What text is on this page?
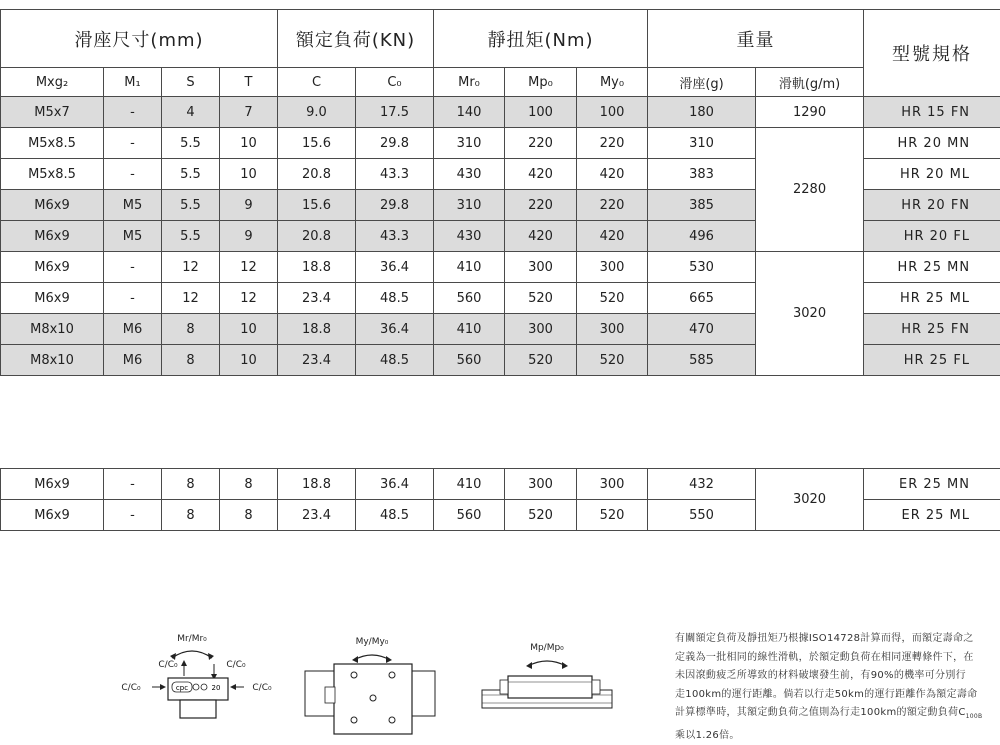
滑座尺寸(mm)				額定負荷(KN)		靜扭矩(Nm)			重量		型號規格
Mxg₂	M₁	S	T	C	C₀	Mr₀	Mp₀	My₀	滑座(g)	滑軌(g/m)	
M5x7	-	4	7	9.0	17.5	140	100	100	180	1290	HR 15 FN
M5x8.5	-	5.5	10	15.6	29.8	310	220	220	310	2280	HR 20 MN
M5x8.5	-	5.5	10	20.8	43.3	430	420	420	383		HR 20 ML
M6x9	M5	5.5	9	15.6	29.8	310	220	220	385		HR 20 FN
M6x9	M5	5.5	9	20.8	43.3	430	420	420	496		HR 20 FL
M6x9	-	12	12	18.8	36.4	410	300	300	530	3020	HR 25 MN
M6x9	-	12	12	23.4	48.5	560	520	520	665		HR 25 ML
M8x10	M6	8	10	18.8	36.4	410	300	300	470		HR 25 FN
M8x10	M6	8	10	23.4	48.5	560	520	520	585		HR 25 FL
M6x9	-	8	8	18.8	36.4	410	300	300	432	3020	ER 25 MN
M6x9	-	8	8	23.4	48.5	560	520	520	550		ER 25 ML
Mr/Mr₀
C/C₀	C/C₀
C/C₀	C/C₀
cpc	20
My/My₀
Mp/Mp₀
有關額定負荷及靜扭矩乃根據ISO14728計算而得，而額定壽命之
定義為一批相同的線性滑軌，於額定動負荷在相同運轉條件下，在
未因滾動疲乏所導致的材料破壞發生前，有90%的機率可分別行
走100km的運行距離。倘若以行走50km的運行距離作為額定壽命
計算標準時，其額定動負荷之值則為行走100km的額定動負荷$C_{100B}$
乘以1.26倍。
